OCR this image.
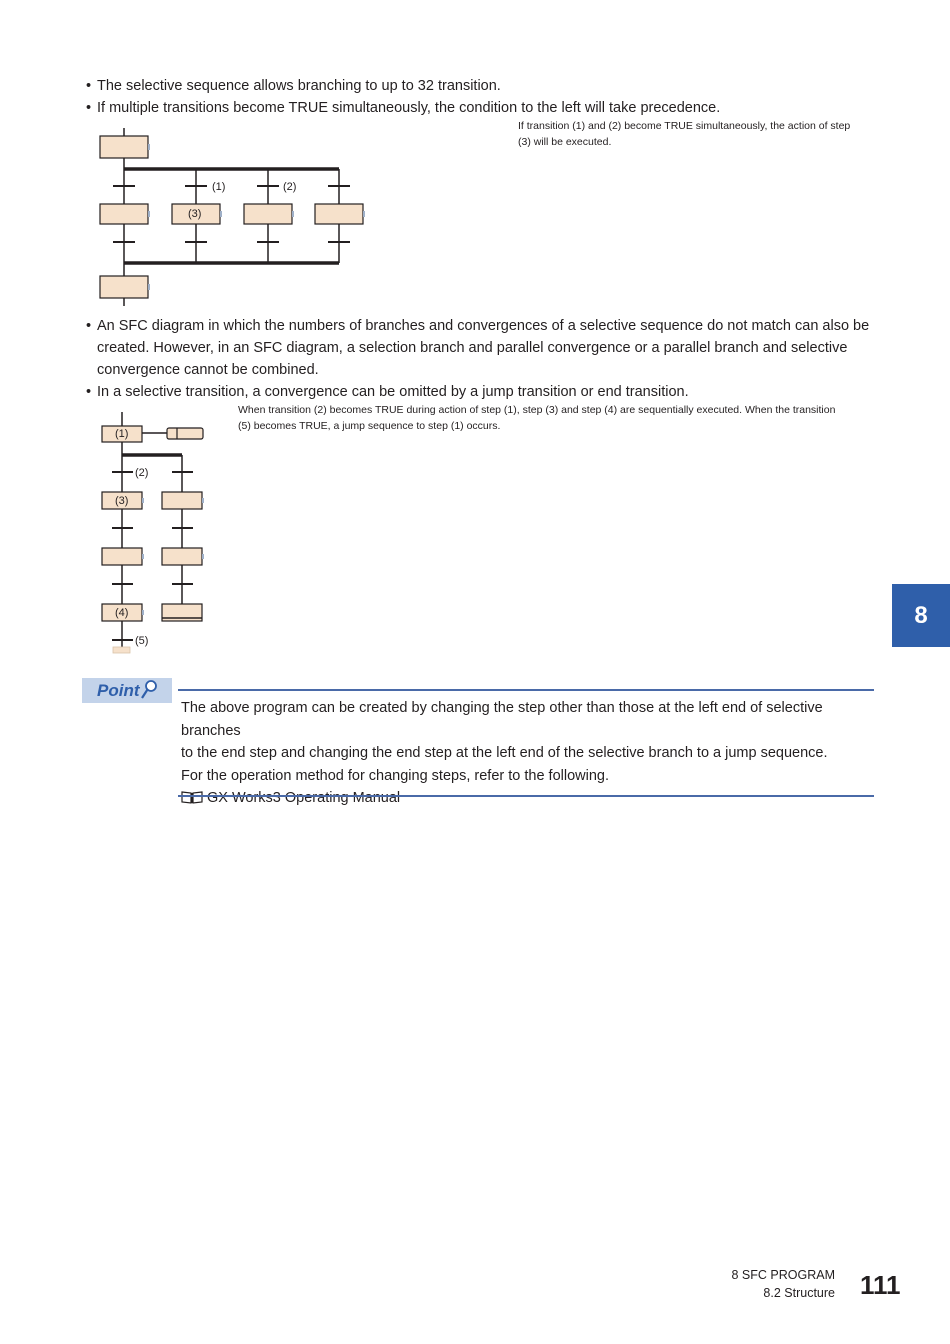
• The selective sequence allows branching to up to 32 transition.
• If multiple transitions become TRUE simultaneously, the condition to the left will take precedence.
If transition (1) and (2) become TRUE simultaneously, the action of step
(3) will be executed.
(1)	(2)
(3)
• An SFC diagram in which the numbers of branches and convergences of a selective sequence do not match can also be created. However, in an SFC diagram, a selection branch and parallel convergence or a parallel branch and selective convergence cannot be combined.
• In a selective transition, a convergence can be omitted by a jump transition or end transition.
When transition (2) becomes TRUE during action of step (1), step (3) and step (4) are sequentially executed. When the transition
(5) becomes TRUE, a jump sequence to step (1) occurs.
(1)
(2)
(3)
(4)
(5)
8
Point

The above program can be created by changing the step other than those at the left end of selective branches

to the end step and changing the end step at the left end of the selective branch to a jump sequence.

For the operation method for changing steps, refer to the following.

GX Works3 Operating Manual

8 SFC PROGRAM
8.2 Structure 111
